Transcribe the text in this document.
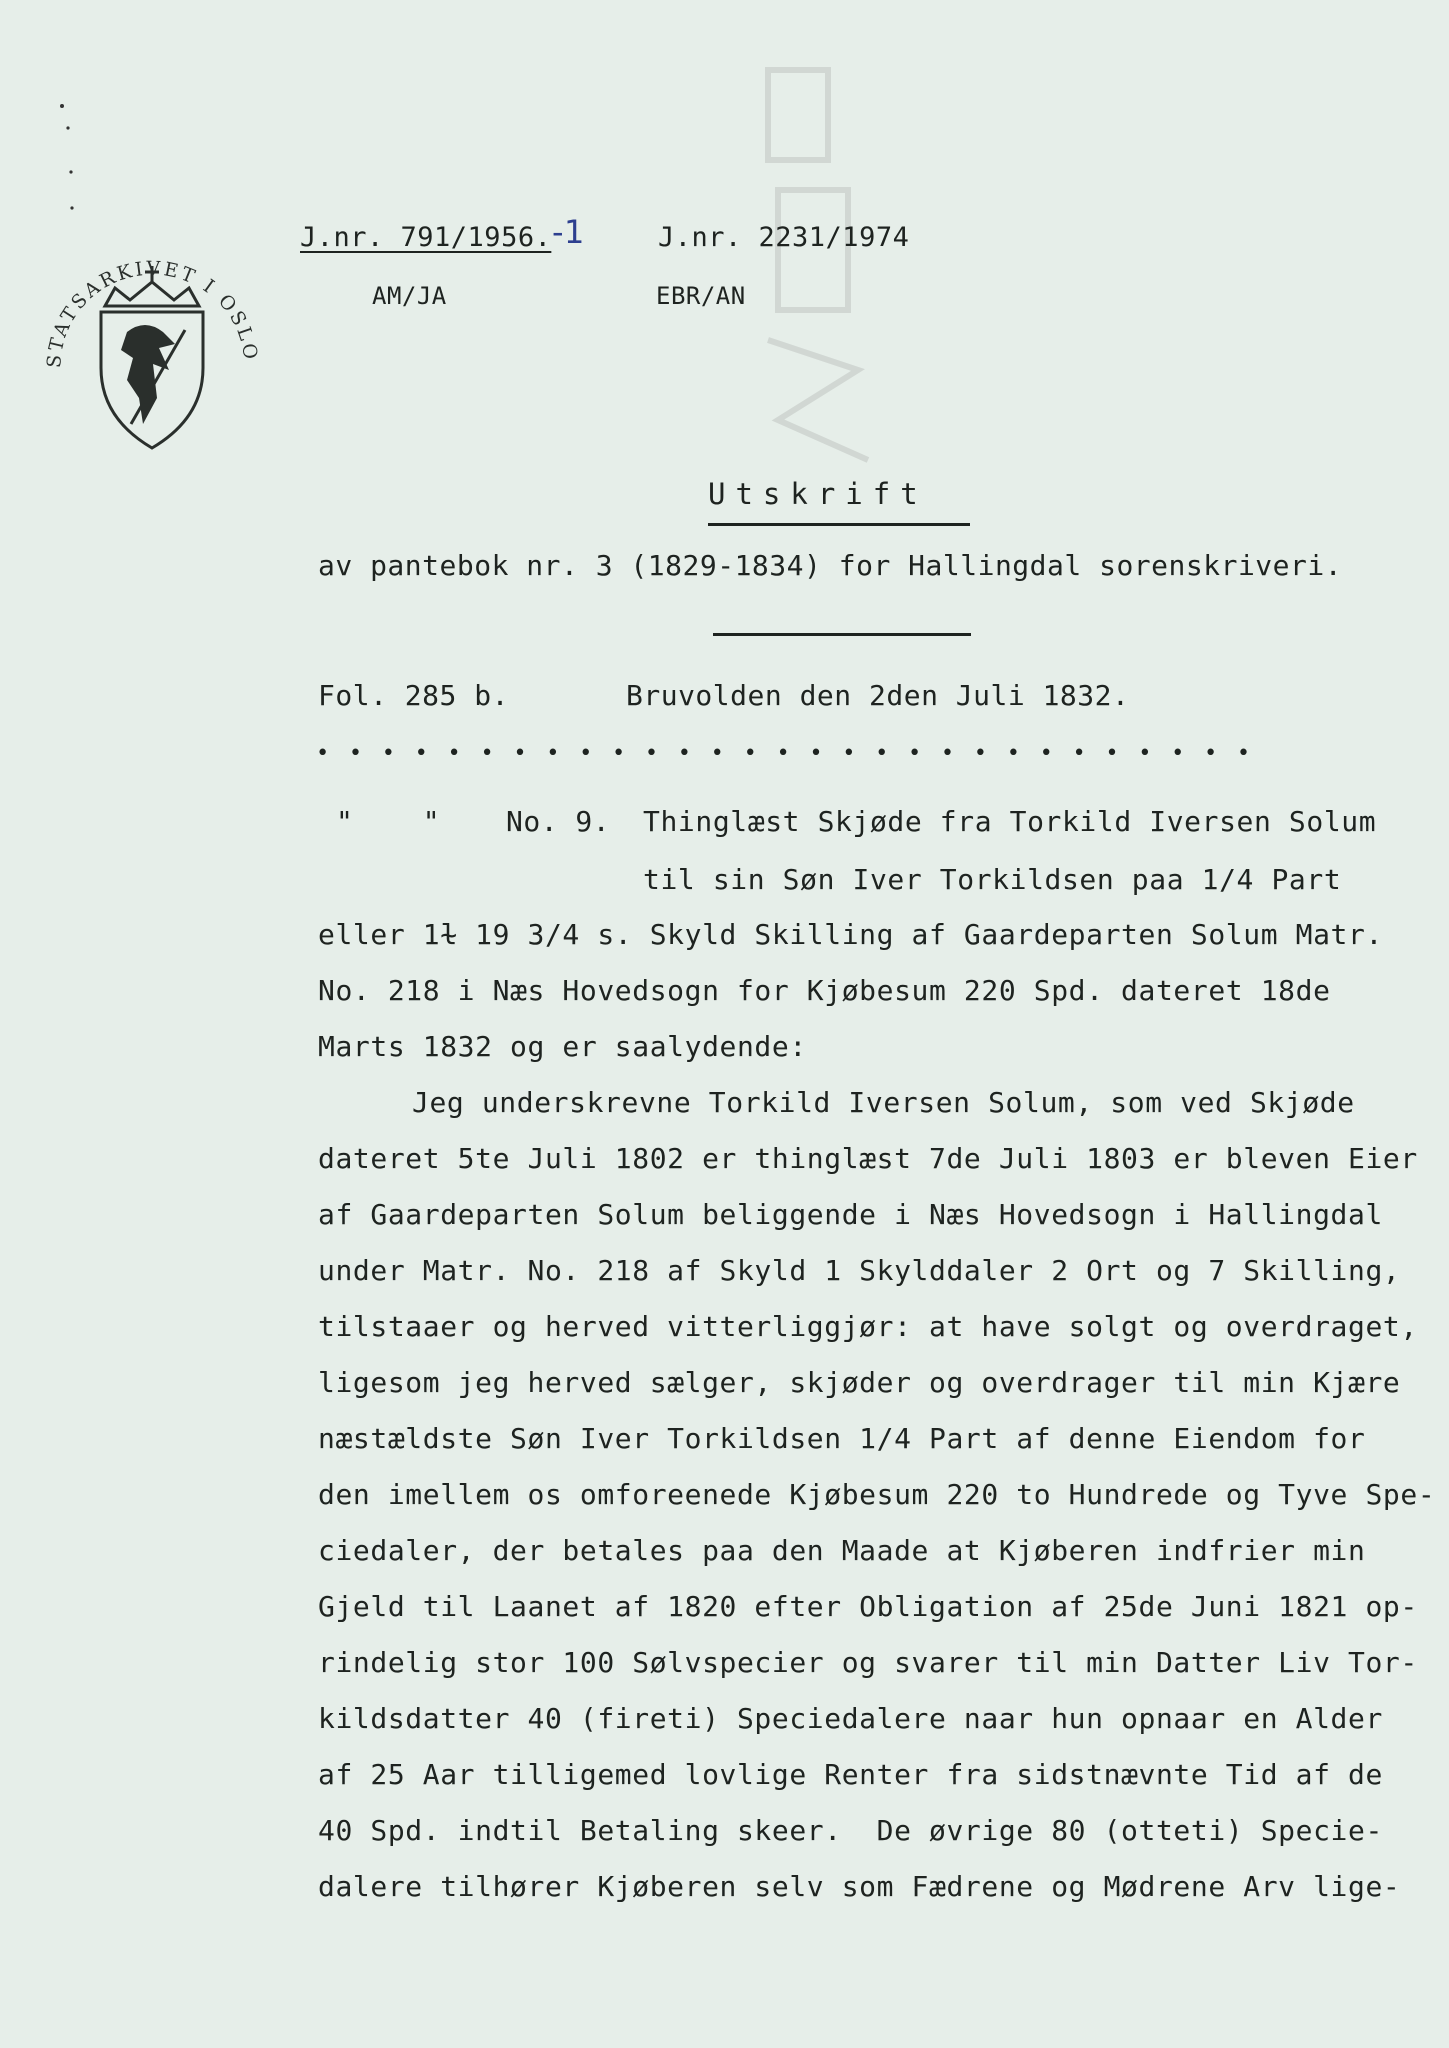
J.nr. 791/1956. -1
AM/JA
J.nr. 2231/1974
EBR/AN
STATSARKIVET I OSLO
Utskrift
av pantebok nr. 3 (1829-1834) for Hallingdal sorenskriveri.
Fol. 285 b.	Bruvolden den 2den Juli 1832.
• • • • • • • • • • • • • • • • • • • • • • • • • • • • •
"    " No. 9. Thinglæst Skjøde fra Torkild Iversen Solum
til sin Søn Iver Torkildsen paa 1/4 Part
eller 1ɫ 19 3/4 s. Skyld Skilling af Gaardeparten Solum Matr.
No. 218 i Næs Hovedsogn for Kjøbesum 220 Spd. dateret 18de
Marts 1832 og er saalydende:
Jeg underskrevne Torkild Iversen Solum, som ved Skjøde
dateret 5te Juli 1802 er thinglæst 7de Juli 1803 er bleven Eier
af Gaardeparten Solum beliggende i Næs Hovedsogn i Hallingdal
under Matr. No. 218 af Skyld 1 Skylddaler 2 Ort og 7 Skilling,
tilstaaer og herved vitterliggjør: at have solgt og overdraget,
ligesom jeg herved sælger, skjøder og overdrager til min Kjære
næstældste Søn Iver Torkildsen 1/4 Part af denne Eiendom for
den imellem os omforeenede Kjøbesum 220 to Hundrede og Tyve Spe-
ciedaler, der betales paa den Maade at Kjøberen indfrier min
Gjeld til Laanet af 1820 efter Obligation af 25de Juni 1821 op-
rindelig stor 100 Sølvspecier og svarer til min Datter Liv Tor-
kildsdatter 40 (fireti) Speciedalere naar hun opnaar en Alder
af 25 Aar tilligemed lovlige Renter fra sidstnævnte Tid af de
40 Spd. indtil Betaling skeer.  De øvrige 80 (otteti) Specie-
dalere tilhører Kjøberen selv som Fædrene og Mødrene Arv lige-
